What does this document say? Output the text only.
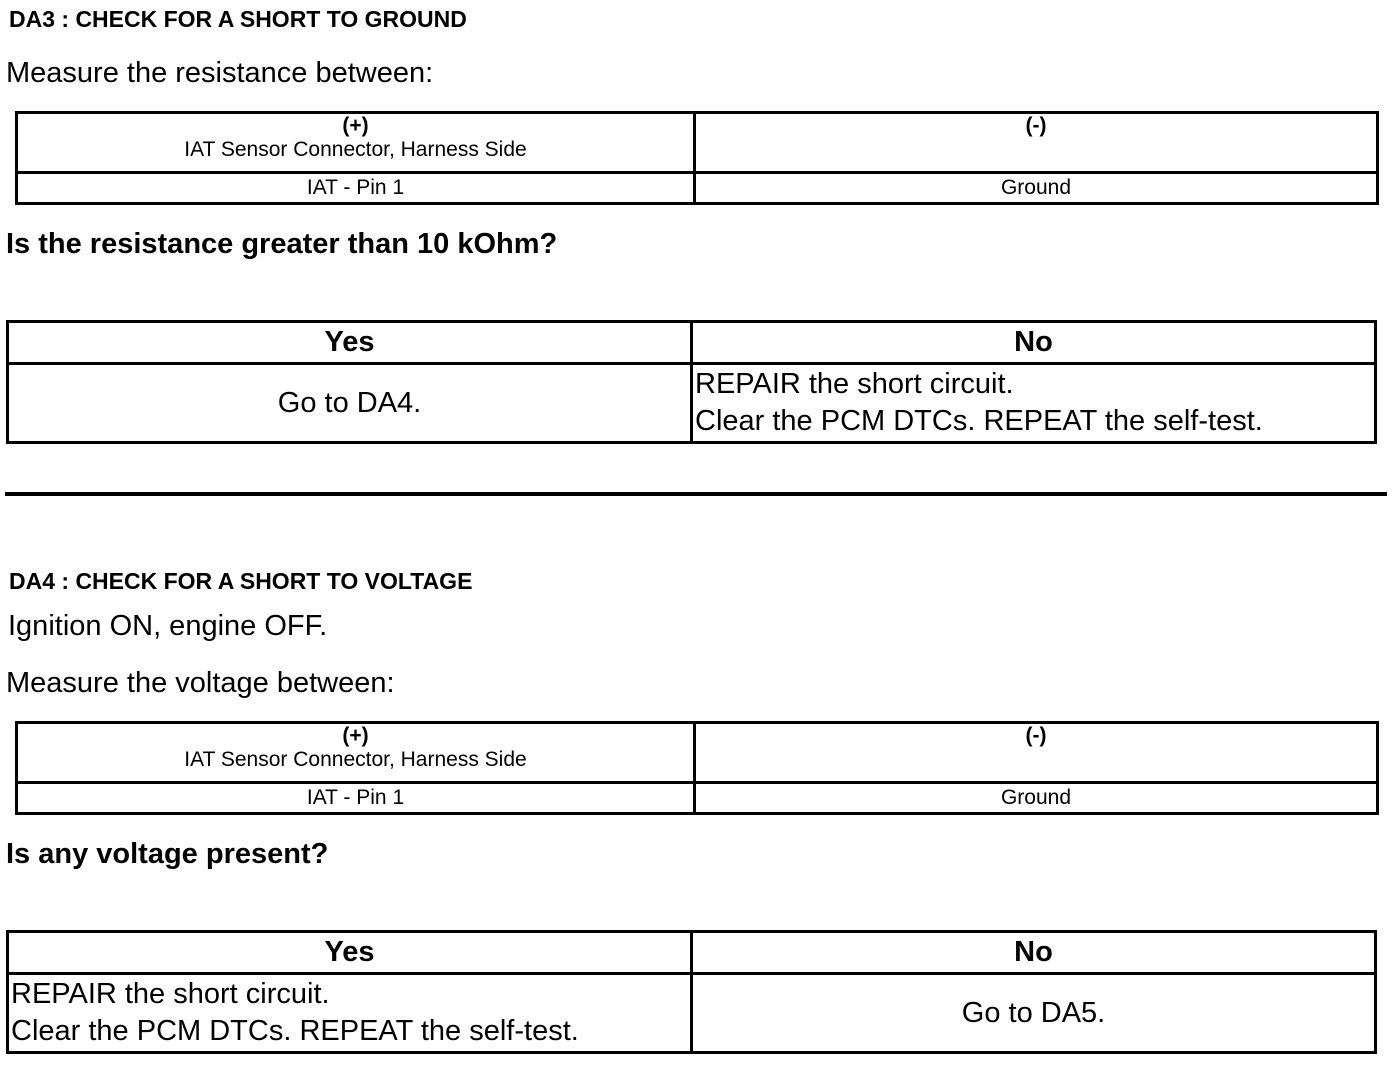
DA3 : CHECK FOR A SHORT TO GROUND
Measure the resistance between:
(+)
IAT Sensor Connector, Harness Side	(-)

IAT - Pin 1	Ground
Is the resistance greater than 10 kOhm?
Yes	No

Go to DA4.	REPAIR the short circuit.
Clear the PCM DTCs. REPEAT the self-test.
DA4 : CHECK FOR A SHORT TO VOLTAGE
Ignition ON, engine OFF.
Measure the voltage between:
(+)
IAT Sensor Connector, Harness Side	(-)

IAT - Pin 1	Ground
Is any voltage present?
Yes	No

REPAIR the short circuit.
Clear the PCM DTCs. REPEAT the self-test.	Go to DA5.
